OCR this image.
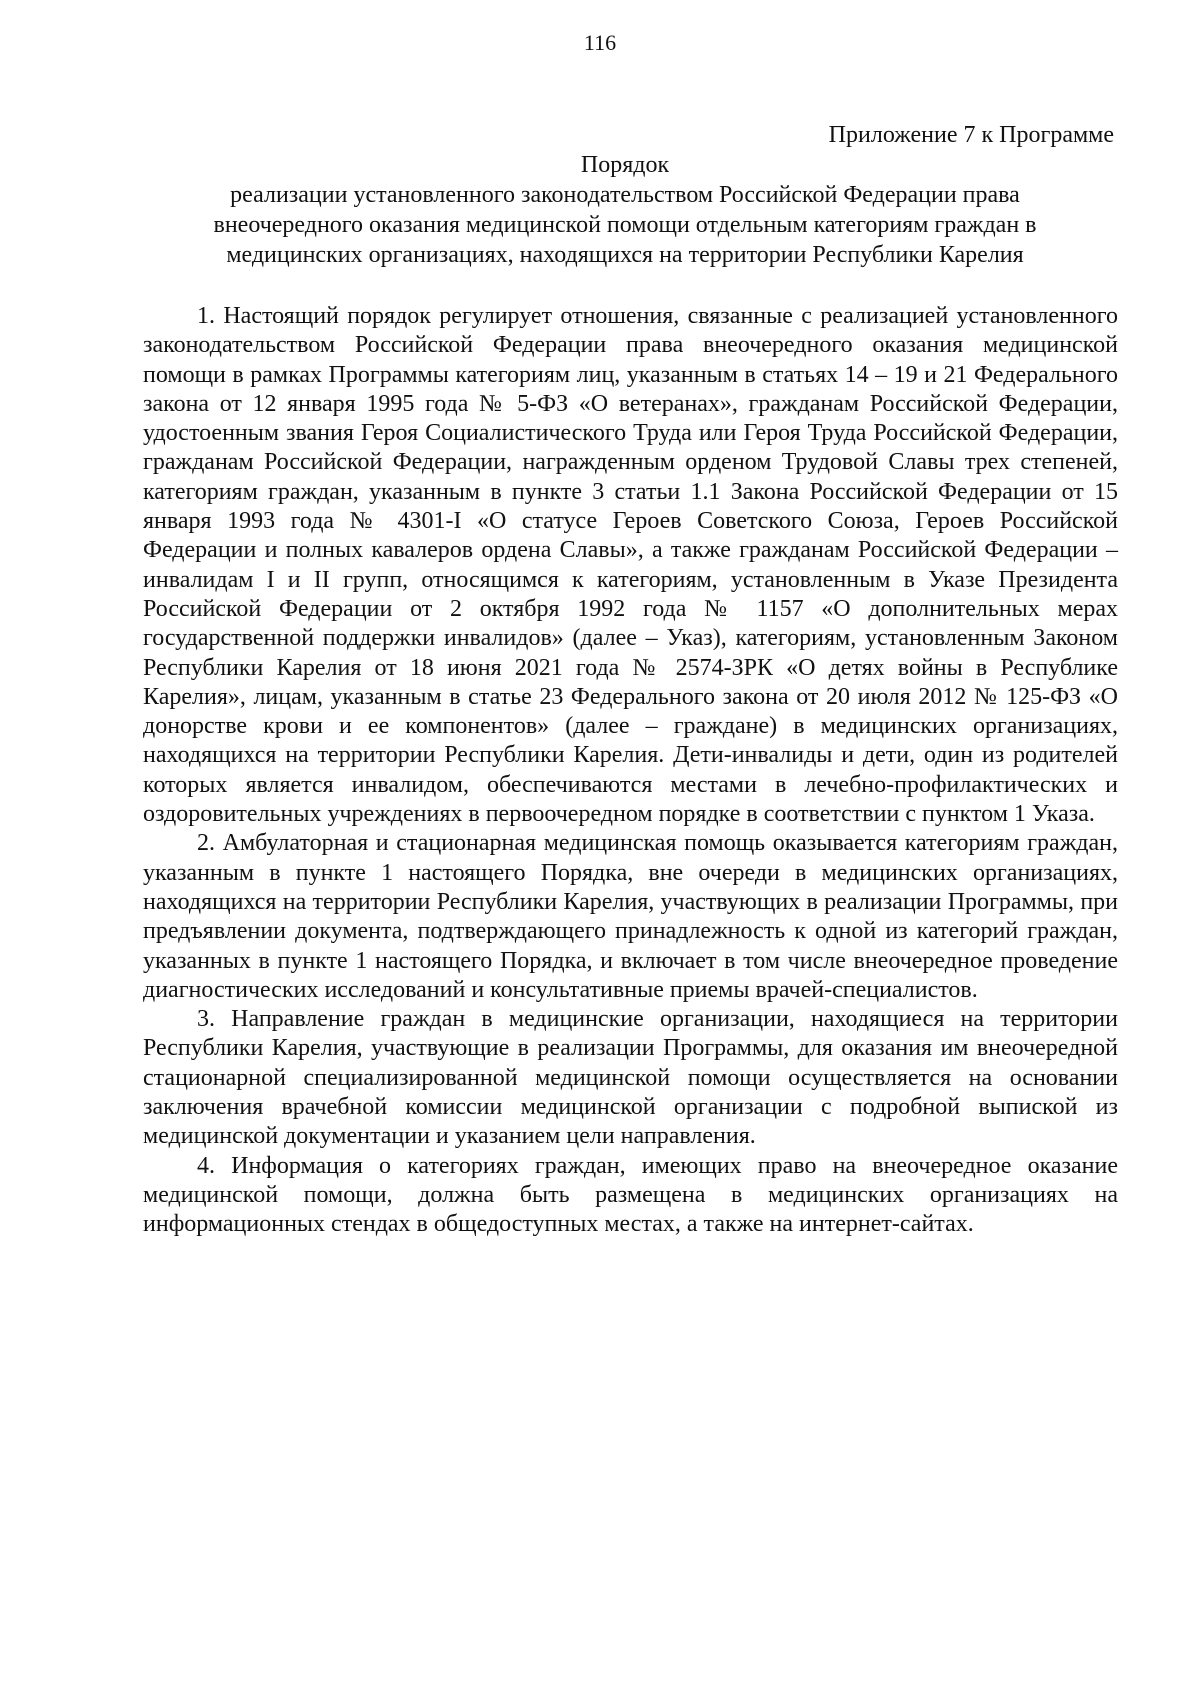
116
Приложение 7 к Программе
Порядок
реализации установленного законодательством Российской Федерации права
внеочередного оказания медицинской помощи отдельным категориям граждан в
медицинских организациях, находящихся на территории Республики Карелия

1. Настоящий порядок регулирует отношения, связанные с реализацией установленного законодательством Российской Федерации права внеочередного оказания медицинской помощи в рамках Программы категориям лиц, указанным в статьях 14 – 19 и 21 Федерального закона от 12 января 1995 года № 5-ФЗ «О ветеранах», гражданам Российской Федерации, удостоенным звания Героя Социалистического Труда или Героя Труда Российской Федерации, гражданам Российской Федерации, награжденным орденом Трудовой Славы трех степеней, категориям граждан, указанным в пункте 3 статьи 1.1 Закона Российской Федерации от 15 января 1993 года № 4301-I «О статусе Героев Советского Союза, Героев Российской Федерации и полных кавалеров ордена Славы», а также гражданам Российской Федерации – инвалидам I и II групп, относящимся к категориям, установленным в Указе Президента Российской Федерации от 2 октября 1992 года № 1157 «О дополнительных мерах государственной поддержки инвалидов» (далее – Указ), категориям, установленным Законом Республики Карелия от 18 июня 2021 года № 2574-ЗРК «О детях войны в Республике Карелия», лицам, указанным в статье 23 Федерального закона от 20 июля 2012 № 125-ФЗ «О донорстве крови и ее компонентов» (далее – граждане) в медицинских организациях, находящихся на территории Республики Карелия. Дети-инвалиды и дети, один из родителей которых является инвалидом, обеспечиваются местами в лечебно-профилактических и оздоровительных учреждениях в первоочередном порядке в соответствии с пунктом 1 Указа.

2. Амбулаторная и стационарная медицинская помощь оказывается категориям граждан, указанным в пункте 1 настоящего Порядка, вне очереди в медицинских организациях, находящихся на территории Республики Карелия, участвующих в реализации Программы, при предъявлении документа, подтверждающего принадлежность к одной из категорий граждан, указанных в пункте 1 настоящего Порядка, и включает в том числе внеочередное проведение диагностических исследований и консультативные приемы врачей-специалистов.

3. Направление граждан в медицинские организации, находящиеся на территории Республики Карелия, участвующие в реализации Программы, для оказания им внеочередной стационарной специализированной медицинской помощи осуществляется на основании заключения врачебной комиссии медицинской организации с подробной выпиской из медицинской документации и указанием цели направления.

4. Информация о категориях граждан, имеющих право на внеочередное оказание медицинской помощи, должна быть размещена в медицинских организациях на информационных стендах в общедоступных местах, а также на интернет-сайтах.
